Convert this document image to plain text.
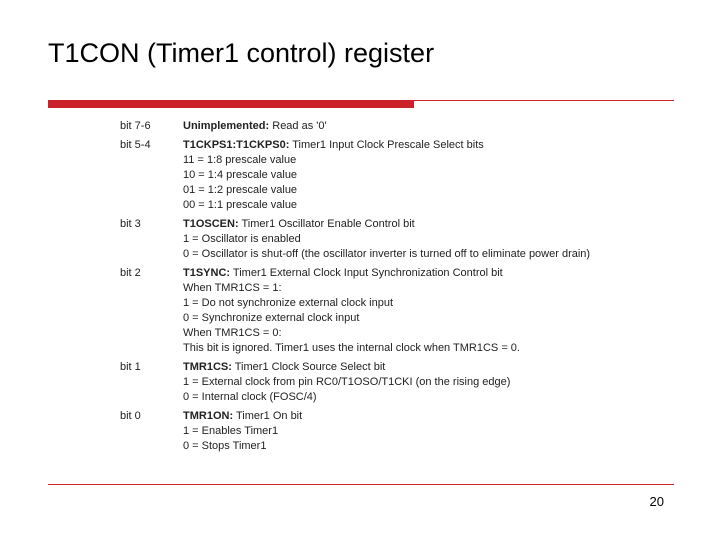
T1CON (Timer1 control) register
bit 7-6	Unimplemented: Read as '0'
bit 5-4	T1CKPS1:T1CKPS0: Timer1 Input Clock Prescale Select bits
11 = 1:8 prescale value
10 = 1:4 prescale value
01 = 1:2 prescale value
00 = 1:1 prescale value
bit 3	T1OSCEN: Timer1 Oscillator Enable Control bit
1 = Oscillator is enabled
0 = Oscillator is shut-off (the oscillator inverter is turned off to eliminate power drain)
bit 2	T1SYNC: Timer1 External Clock Input Synchronization Control bit
When TMR1CS = 1:
1 = Do not synchronize external clock input
0 = Synchronize external clock input
When TMR1CS = 0:
This bit is ignored. Timer1 uses the internal clock when TMR1CS = 0.
bit 1	TMR1CS: Timer1 Clock Source Select bit
1 = External clock from pin RC0/T1OSO/T1CKI (on the rising edge)
0 = Internal clock (FOSC/4)
bit 0	TMR1ON: Timer1 On bit
1 = Enables Timer1
0 = Stops Timer1
20
